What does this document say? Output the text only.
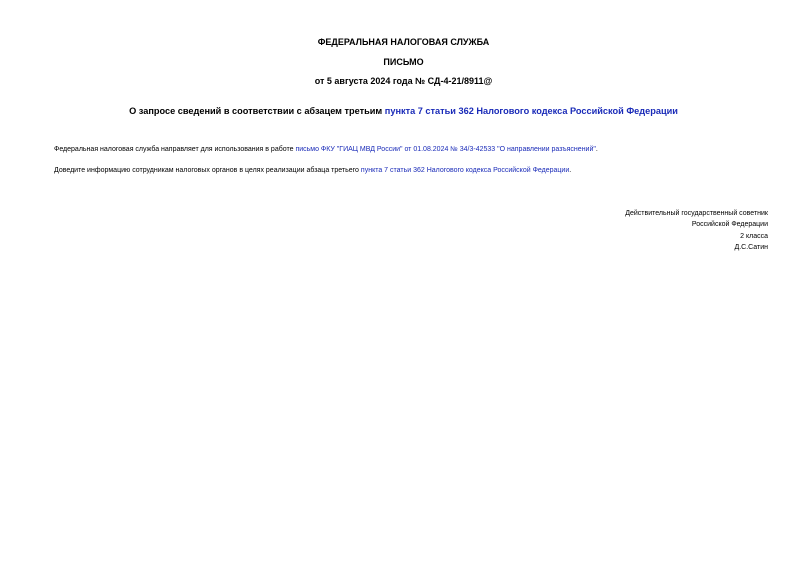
ФЕДЕРАЛЬНАЯ НАЛОГОВАЯ СЛУЖБА
ПИСЬМО
от 5 августа 2024 года № СД-4-21/8911@
О запросе сведений в соответствии с абзацем третьим пункта 7 статьи 362 Налогового кодекса Российской Федерации
Федеральная налоговая служба направляет для использования в работе письмо ФКУ "ГИАЦ МВД России" от 01.08.2024 № 34/3-42533 "О направлении разъяснений".
Доведите информацию сотрудникам налоговых органов в целях реализации абзаца третьего пункта 7 статьи 362 Налогового кодекса Российской Федерации.
Действительный государственный советник
Российской Федерации
2 класса
Д.С.Сатин
